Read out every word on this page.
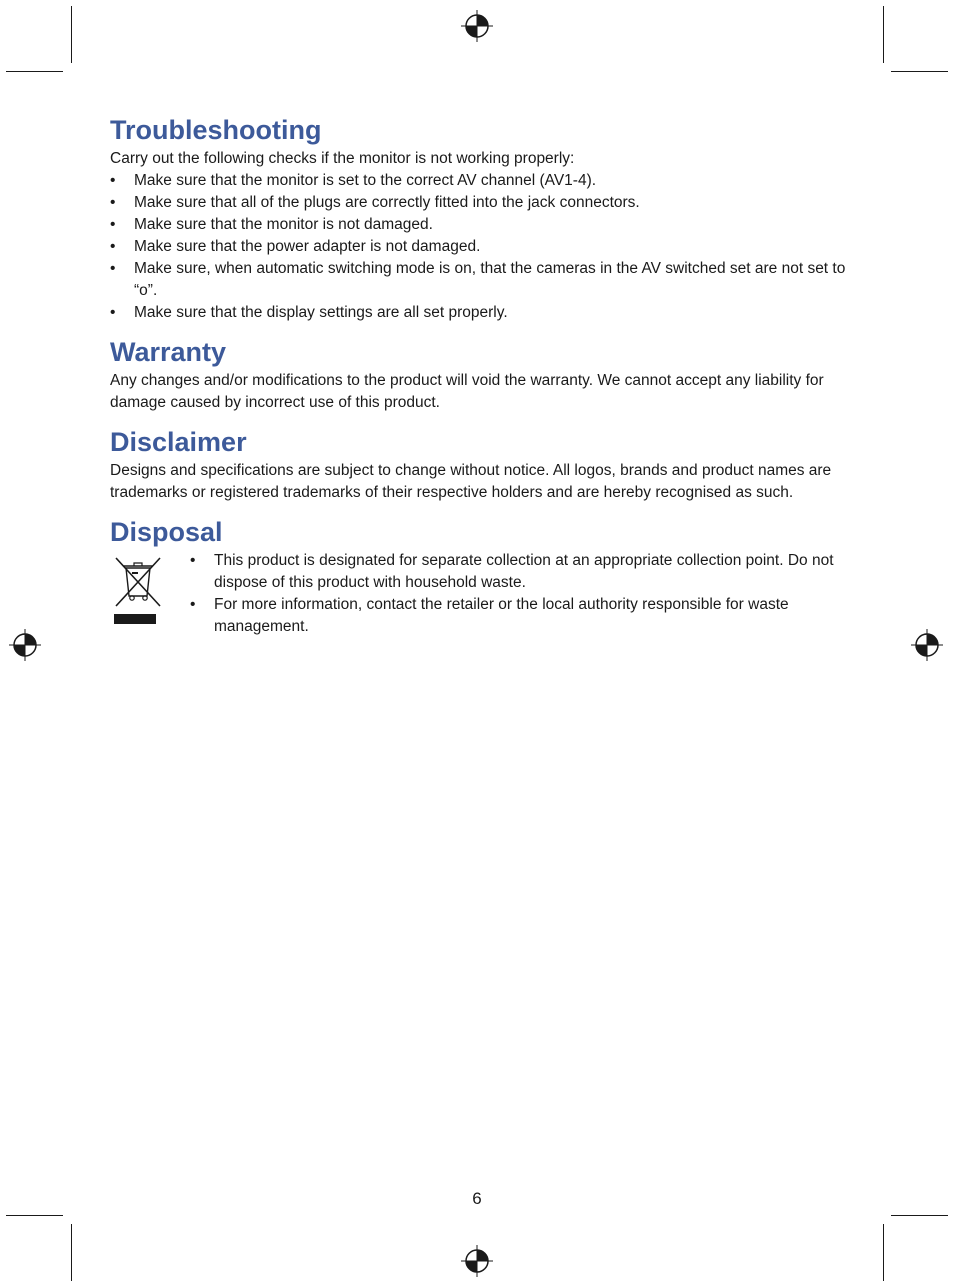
Troubleshooting

Carry out the following checks if the monitor is not working properly:

• Make sure that the monitor is set to the correct AV channel (AV1-4).
• Make sure that all of the plugs are correctly fitted into the jack connectors.
• Make sure that the monitor is not damaged.
• Make sure that the power adapter is not damaged.
• Make sure, when automatic switching mode is on, that the cameras in the AV switched set are not set to “o”.
• Make sure that the display settings are all set properly.
Warranty

Any changes and/or modifications to the product will void the warranty. We cannot accept any liability for damage caused by incorrect use of this product.

Disclaimer

Designs and specifications are subject to change without notice. All logos, brands and product names are trademarks or registered trademarks of their respective holders and are hereby recognised as such.

Disposal
• This product is designated for separate collection at an appropriate collection point. Do not dispose of this product with household waste.
• For more information, contact the retailer or the local authority responsible for waste management.
6
